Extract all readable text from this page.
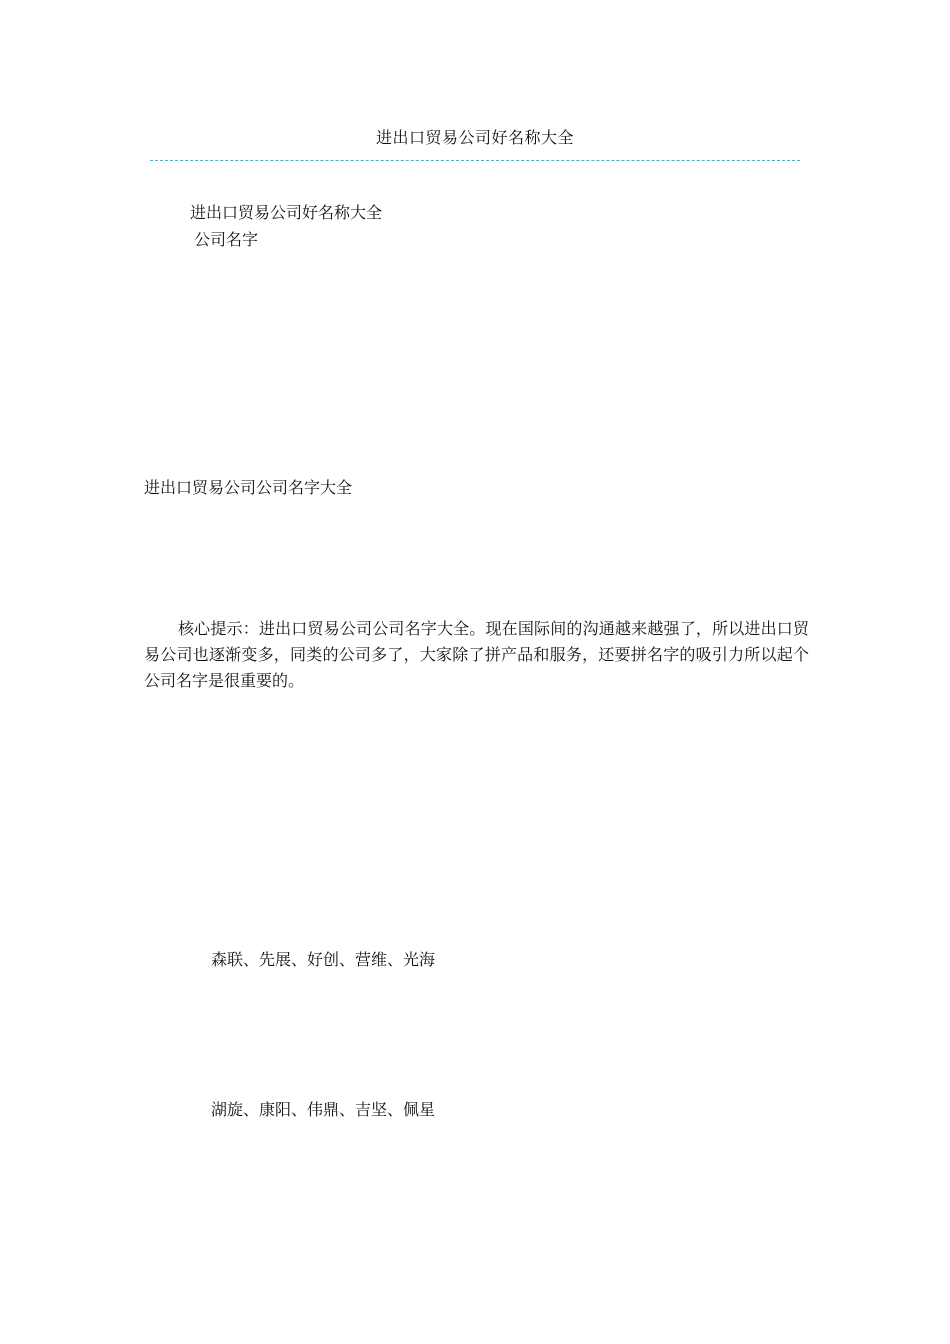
进出口贸易公司好名称大全
进出口贸易公司好名称大全
公司名字
进出口贸易公司公司名字大全

核心提示：进出口贸易公司公司名字大全。现在国际间的沟通越来越强了，所以进出口贸易公司也逐渐变多，同类的公司多了，大家除了拼产品和服务，还要拼名字的吸引力所以起个公司名字是很重要的。

森联、先展、好创、营维、光海
湖旋、康阳、伟鼎、吉坚、佩星
